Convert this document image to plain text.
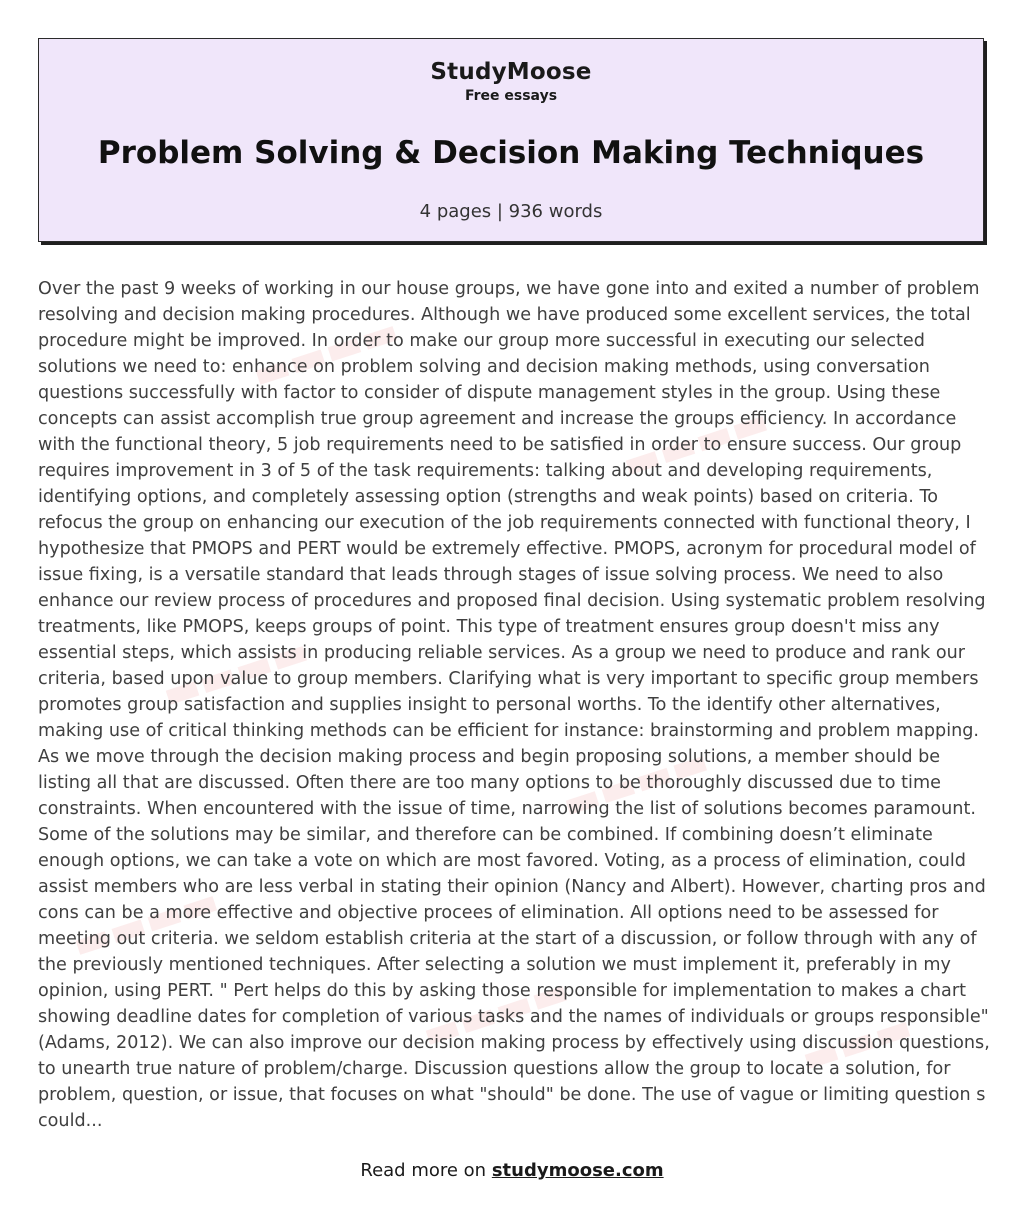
StudyMoose
Free essays
Problem Solving & Decision Making Techniques
4 pages | 936 words
▬▬▬▬
▬▬▬▬
▬▬▬▬
▬▬▬▬
▬▬▬▬
▬▬▬▬	▬▬▬

Over the past 9 weeks of working in our house groups, we have gone into and exited a number of problem resolving and decision making procedures. Although we have produced some excellent services, the total procedure might be improved. In order to make our group more successful in executing our selected solutions we need to: enhance on problem solving and decision making methods, using conversation questions successfully with factor to consider of dispute management styles in the group. Using these concepts can assist accomplish true group agreement and increase the groups efficiency. In accordance with the functional theory, 5 job requirements need to be satisfied in order to ensure success. Our group requires improvement in 3 of 5 of the task requirements: talking about and developing requirements, identifying options, and completely assessing option (strengths and weak points) based on criteria. To refocus the group on enhancing our execution of the job requirements connected with functional theory, I hypothesize that PMOPS and PERT would be extremely effective. PMOPS, acronym for procedural model of issue fixing, is a versatile standard that leads through stages of issue solving process. We need to also enhance our review process of procedures and proposed final decision. Using systematic problem resolving treatments, like PMOPS, keeps groups of point. This type of treatment ensures group doesn't miss any essential steps, which assists in producing reliable services. As a group we need to produce and rank our criteria, based upon value to group members. Clarifying what is very important to specific group members promotes group satisfaction and supplies insight to personal worths. To the identify other alternatives, making use of critical thinking methods can be efficient for instance: brainstorming and problem mapping. As we move through the decision making process and begin proposing solutions, a member should be listing all that are discussed. Often there are too many options to be thoroughly discussed due to time constraints. When encountered with the issue of time, narrowing the list of solutions becomes paramount. Some of the solutions may be similar, and therefore can be combined. If combining doesn’t eliminate enough options, we can take a vote on which are most favored. Voting, as a process of elimination, could assist members who are less verbal in stating their opinion (Nancy and Albert). However, charting pros and cons can be a more effective and objective procees of elimination. All options need to be assessed for meeting out criteria. we seldom establish criteria at the start of a discussion, or follow through with any of the previously mentioned techniques. After selecting a solution we must implement it, preferably in my opinion, using PERT. " Pert helps do this by asking those responsible for implementation to makes a chart showing deadline dates for completion of various tasks and the names of individuals or groups responsible" (Adams, 2012). We can also improve our decision making process by effectively using discussion questions, to unearth true nature of problem/charge. Discussion questions allow the group to locate a solution, for problem, question, or issue, that focuses on what "should" be done. The use of vague or limiting question s could...

Read more on studymoose.com
